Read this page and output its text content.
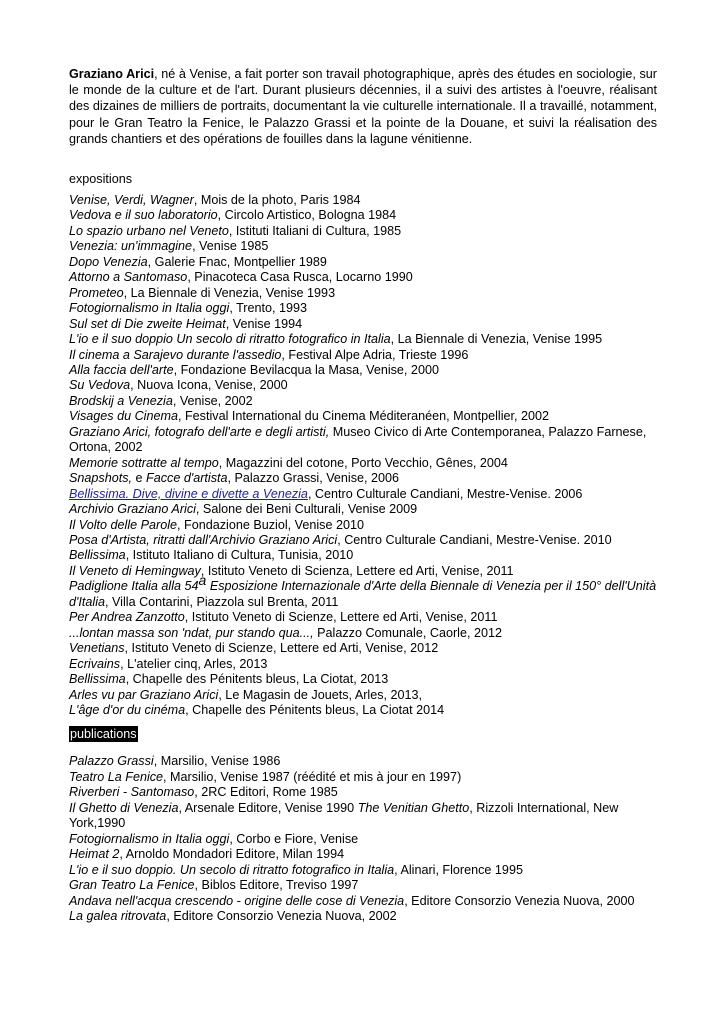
Graziano Arici, né à Venise, a fait porter son travail photographique, après des études en sociologie, sur le monde de la culture et de l'art. Durant plusieurs décennies, il a suivi des artistes à l'oeuvre, réalisant des dizaines de milliers de portraits, documentant la vie culturelle internationale. Il a travaillé, notamment, pour le Gran Teatro la Fenice, le Palazzo Grassi et la pointe de la Douane, et suivi la réalisation des grands chantiers et des opérations de fouilles dans la lagune vénitienne.

expositions
Venise, Verdi, Wagner, Mois de la photo, Paris 1984
Vedova e il suo laboratorio, Circolo Artistico, Bologna 1984
Lo spazio urbano nel Veneto, Istituti Italiani di Cultura, 1985
Venezia: un'immagine, Venise 1985
Dopo Venezia, Galerie Fnac, Montpellier 1989
Attorno a Santomaso, Pinacoteca Casa Rusca, Locarno 1990
Prometeo, La Biennale di Venezia, Venise 1993
Fotogiornalismo in Italia oggi, Trento, 1993
Sul set di Die zweite Heimat, Venise 1994
L'io e il suo doppio Un secolo di ritratto fotografico in Italia, La Biennale di Venezia, Venise 1995
Il cinema a Sarajevo durante l'assedio, Festival Alpe Adria, Trieste 1996
Alla faccia dell'arte, Fondazione Bevilacqua la Masa, Venise, 2000
Su Vedova, Nuova Icona, Venise, 2000
Brodskij a Venezia, Venise, 2002
Visages du Cinema, Festival International du Cinema Méditeranéen, Montpellier, 2002
Graziano Arici, fotografo dell'arte e degli artisti, Museo Civico di Arte Contemporanea, Palazzo Farnese, Ortona, 2002
Memorie sottratte al tempo, Magazzini del cotone, Porto Vecchio, Gênes, 2004
Snapshots, e Facce d'artista, Palazzo Grassi, Venise, 2006
Bellissima. Dive, divine e divette a Venezia, Centro Culturale Candiani, Mestre-Venise. 2006
Archivio Graziano Arici, Salone dei Beni Culturali, Venise 2009
Il Volto delle Parole, Fondazione Buziol, Venise 2010
Posa d'Artista, ritratti dall'Archivio Graziano Arici, Centro Culturale Candiani, Mestre-Venise. 2010
Bellissima, Istituto Italiano di Cultura, Tunisia, 2010
Il Veneto di Hemingway, Istituto Veneto di Scienza, Lettere ed Arti, Venise, 2011
Padiglione Italia alla 54$^a$ Esposizione Internazionale d'Arte della Biennale di Venezia per il 150° dell'Unità d'Italia, Villa Contarini, Piazzola sul Brenta, 2011
Per Andrea Zanzotto, Istituto Veneto di Scienze, Lettere ed Arti, Venise, 2011
...lontan massa son 'ndat, pur stando qua..., Palazzo Comunale, Caorle, 2012
Venetians, Istituto Veneto di Scienze, Lettere ed Arti, Venise, 2012
Ecrivains, L'atelier cinq, Arles, 2013
Bellissima, Chapelle des Pénitents bleus, La Ciotat, 2013
Arles vu par Graziano Arici, Le Magasin de Jouets, Arles, 2013,
L'âge d'or du cinéma, Chapelle des Pénitents bleus, La Ciotat 2014
publications
Palazzo Grassi, Marsilio, Venise 1986
Teatro La Fenice, Marsilio, Venise 1987 (réédité et mis à jour en 1997)
Riverberi - Santomaso, 2RC Editori, Rome 1985
Il Ghetto di Venezia, Arsenale Editore, Venise 1990 The Venitian Ghetto, Rizzoli International, New York,1990
Fotogiornalismo in Italia oggi, Corbo e Fiore, Venise
Heimat 2, Arnoldo Mondadori Editore, Milan 1994
L'io e il suo doppio. Un secolo di ritratto fotografico in Italia, Alinari, Florence 1995
Gran Teatro La Fenice, Biblos Editore, Treviso 1997
Andava nell'acqua crescendo - origine delle cose di Venezia, Editore Consorzio Venezia Nuova, 2000
La galea ritrovata, Editore Consorzio Venezia Nuova, 2002
